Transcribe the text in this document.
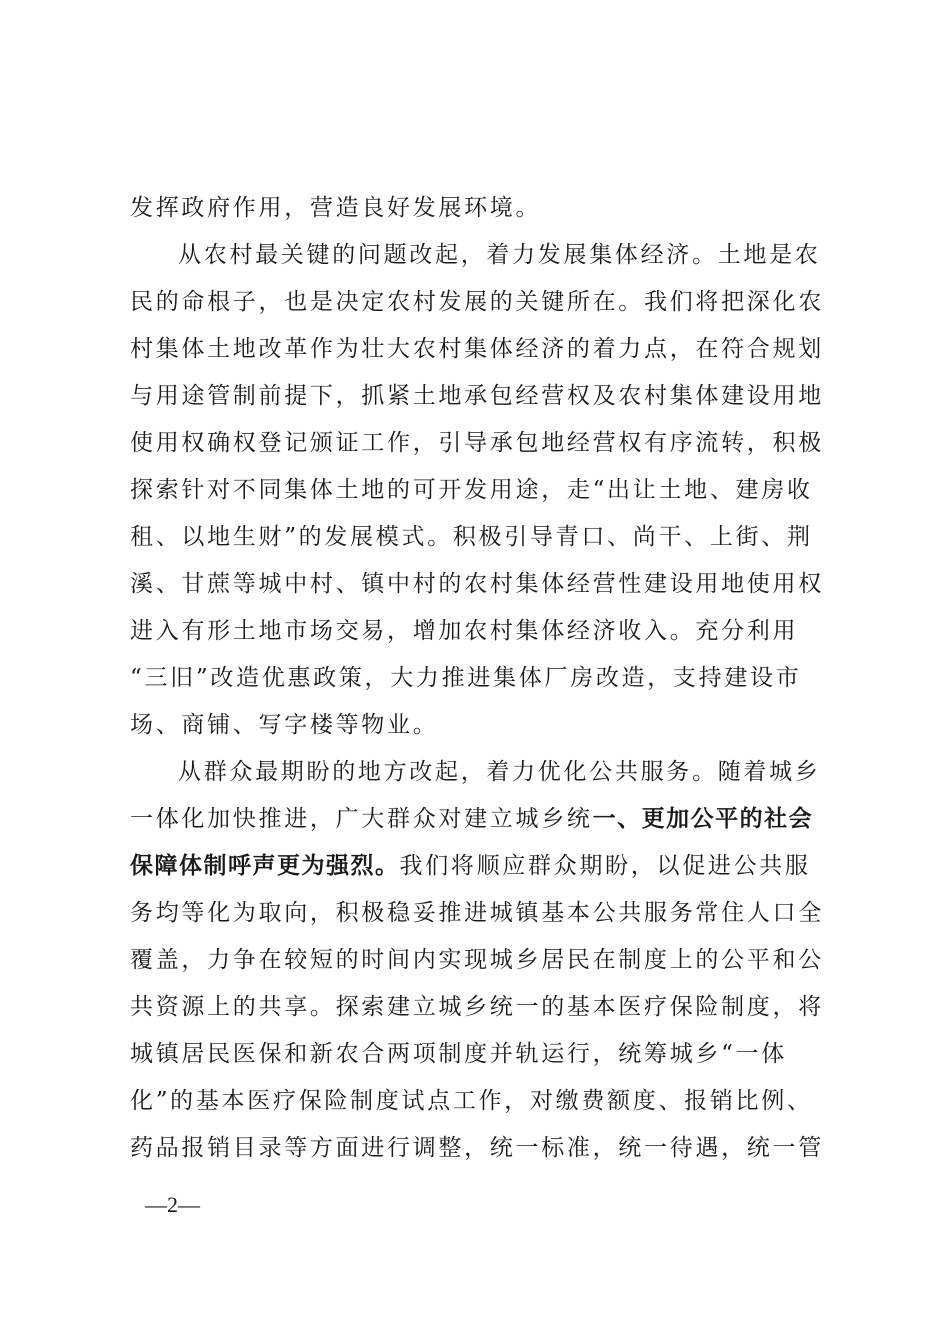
发挥政府作用，营造良好发展环境。
从农村最关键的问题改起，着力发展集体经济。土地是农
民的命根子，也是决定农村发展的关键所在。我们将把深化农
村集体土地改革作为壮大农村集体经济的着力点，在符合规划
与用途管制前提下，抓紧土地承包经营权及农村集体建设用地
使用权确权登记颁证工作，引导承包地经营权有序流转，积极
探索针对不同集体土地的可开发用途，走“出让土地、建房收
租、以地生财”的发展模式。积极引导青口、尚干、上街、荆
溪、甘蔗等城中村、镇中村的农村集体经营性建设用地使用权
进入有形土地市场交易，增加农村集体经济收入。充分利用
“三旧”改造优惠政策，大力推进集体厂房改造，支持建设市
场、商铺、写字楼等物业。
从群众最期盼的地方改起，着力优化公共服务。随着城乡
一体化加快推进，广大群众对建立城乡统一、更加公平的社会
保障体制呼声更为强烈。我们将顺应群众期盼，以促进公共服
务均等化为取向，积极稳妥推进城镇基本公共服务常住人口全
覆盖，力争在较短的时间内实现城乡居民在制度上的公平和公
共资源上的共享。探索建立城乡统一的基本医疗保险制度，将
城镇居民医保和新农合两项制度并轨运行，统筹城乡“一体
化”的基本医疗保险制度试点工作，对缴费额度、报销比例、
药品报销目录等方面进行调整，统一标准，统一待遇，统一管
—2—
